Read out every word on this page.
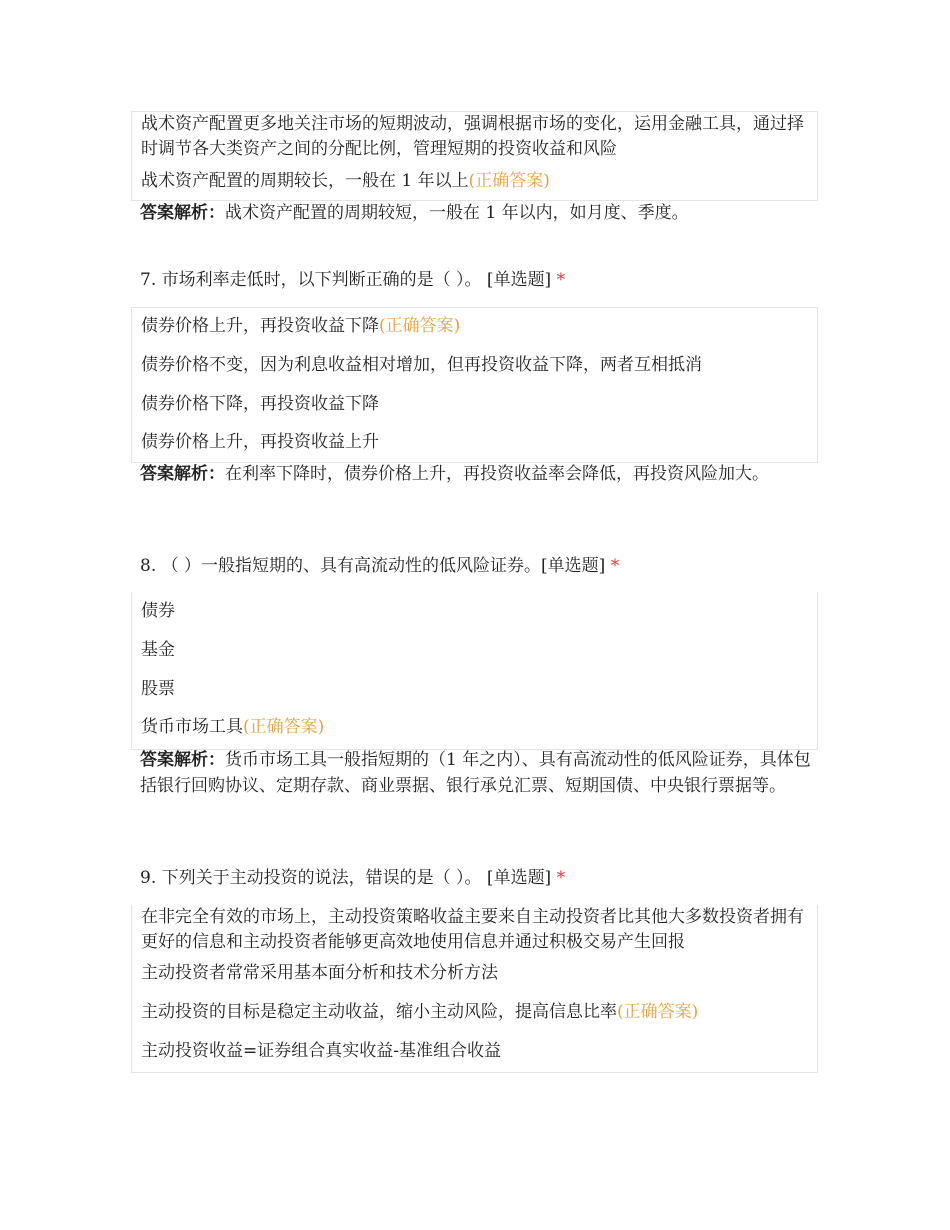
战术资产配置更多地关注市场的短期波动，强调根据市场的变化，运用金融工具，通过择时调节各大类资产之间的分配比例，管理短期的投资收益和风险
战术资产配置的周期较长，一般在 1 年以上(正确答案)
答案解析：战术资产配置的周期较短，一般在 1 年以内，如月度、季度。
7. 市场利率走低时，以下判断正确的是（ ）。 [单选题] *
债券价格上升，再投资收益下降(正确答案)
债券价格不变，因为利息收益相对增加，但再投资收益下降，两者互相抵消
债券价格下降，再投资收益下降
债券价格上升，再投资收益上升
答案解析：在利率下降时，债券价格上升，再投资收益率会降低，再投资风险加大。
8. （ ）一般指短期的、具有高流动性的低风险证券。[单选题] *
债券
基金
股票
货币市场工具(正确答案)
答案解析：货币市场工具一般指短期的（1 年之内）、具有高流动性的低风险证券，具体包括银行回购协议、定期存款、商业票据、银行承兑汇票、短期国债、中央银行票据等。
9. 下列关于主动投资的说法，错误的是（ ）。 [单选题] *
在非完全有效的市场上，主动投资策略收益主要来自主动投资者比其他大多数投资者拥有更好的信息和主动投资者能够更高效地使用信息并通过积极交易产生回报
主动投资者常常采用基本面分析和技术分析方法
主动投资的目标是稳定主动收益，缩小主动风险，提高信息比率(正确答案)
主动投资收益=证券组合真实收益-基准组合收益
